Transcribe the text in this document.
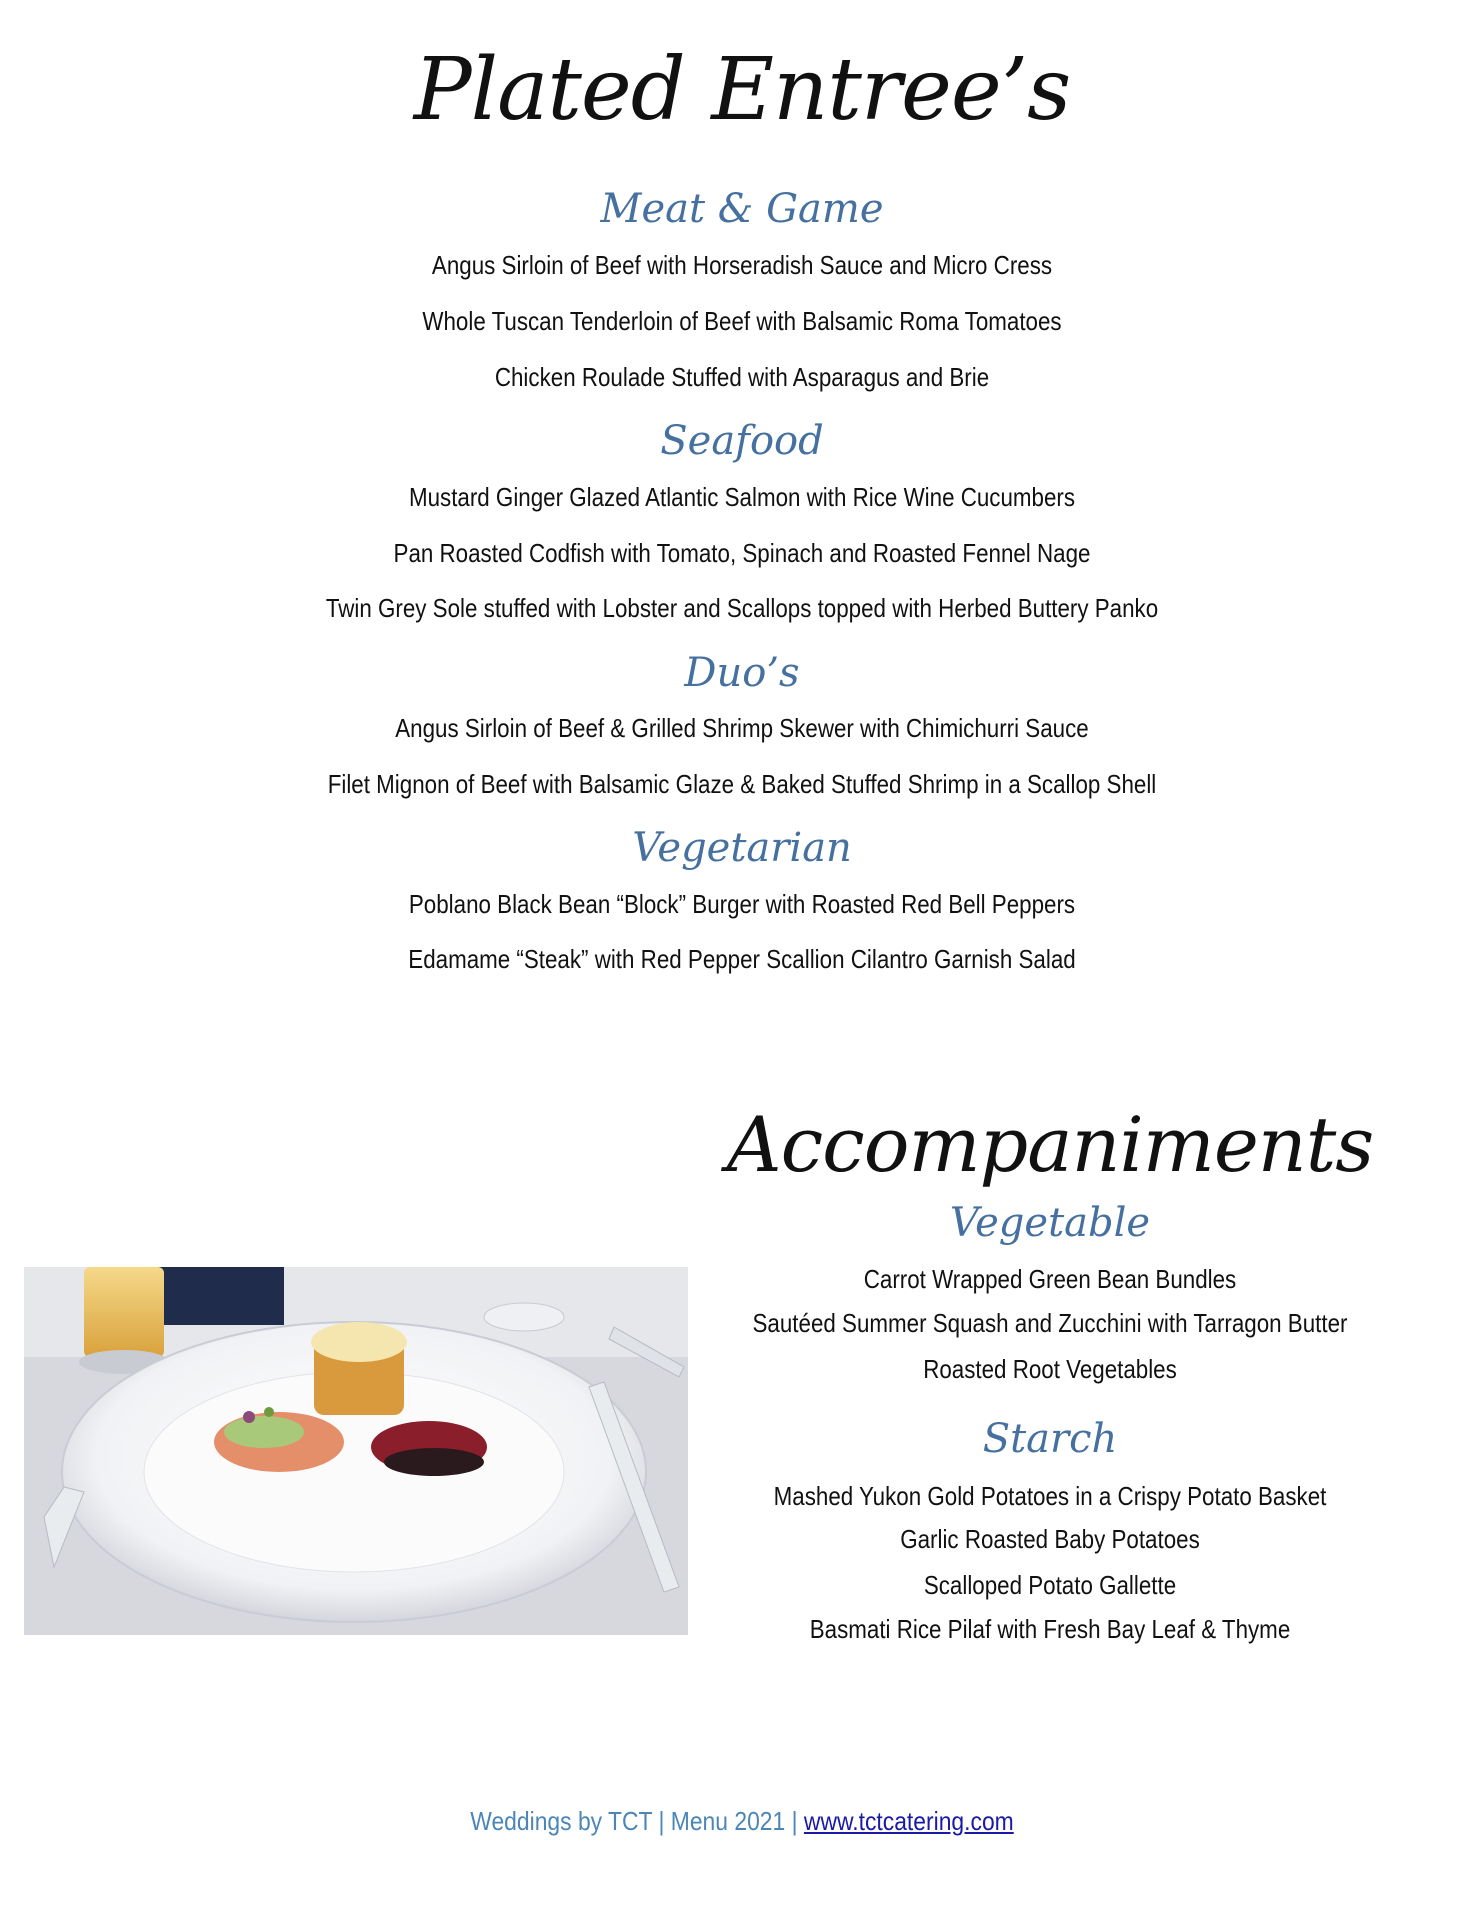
Plated Entree’s
Meat & Game
Angus Sirloin of Beef with Horseradish Sauce and Micro Cress
Whole Tuscan Tenderloin of Beef with Balsamic Roma Tomatoes
Chicken Roulade Stuffed with Asparagus and Brie
Seafood
Mustard Ginger Glazed Atlantic Salmon with Rice Wine Cucumbers
Pan Roasted Codfish with Tomato, Spinach and Roasted Fennel Nage
Twin Grey Sole stuffed with Lobster and Scallops topped with Herbed Buttery Panko
Duo’s
Angus Sirloin of Beef & Grilled Shrimp Skewer with Chimichurri Sauce
Filet Mignon of Beef with Balsamic Glaze & Baked Stuffed Shrimp in a Scallop Shell
Vegetarian
Poblano Black Bean “Block” Burger with Roasted Red Bell Peppers
Edamame “Steak” with Red Pepper Scallion Cilantro Garnish Salad
Accompaniments
Vegetable
Carrot Wrapped Green Bean Bundles
Sautéed Summer Squash and Zucchini with Tarragon Butter
Roasted Root Vegetables
Starch
Mashed Yukon Gold Potatoes in a Crispy Potato Basket
Garlic Roasted Baby Potatoes
Scalloped Potato Gallette
Basmati Rice Pilaf with Fresh Bay Leaf & Thyme
Weddings by TCT | Menu 2021 | www.tctcatering.com
